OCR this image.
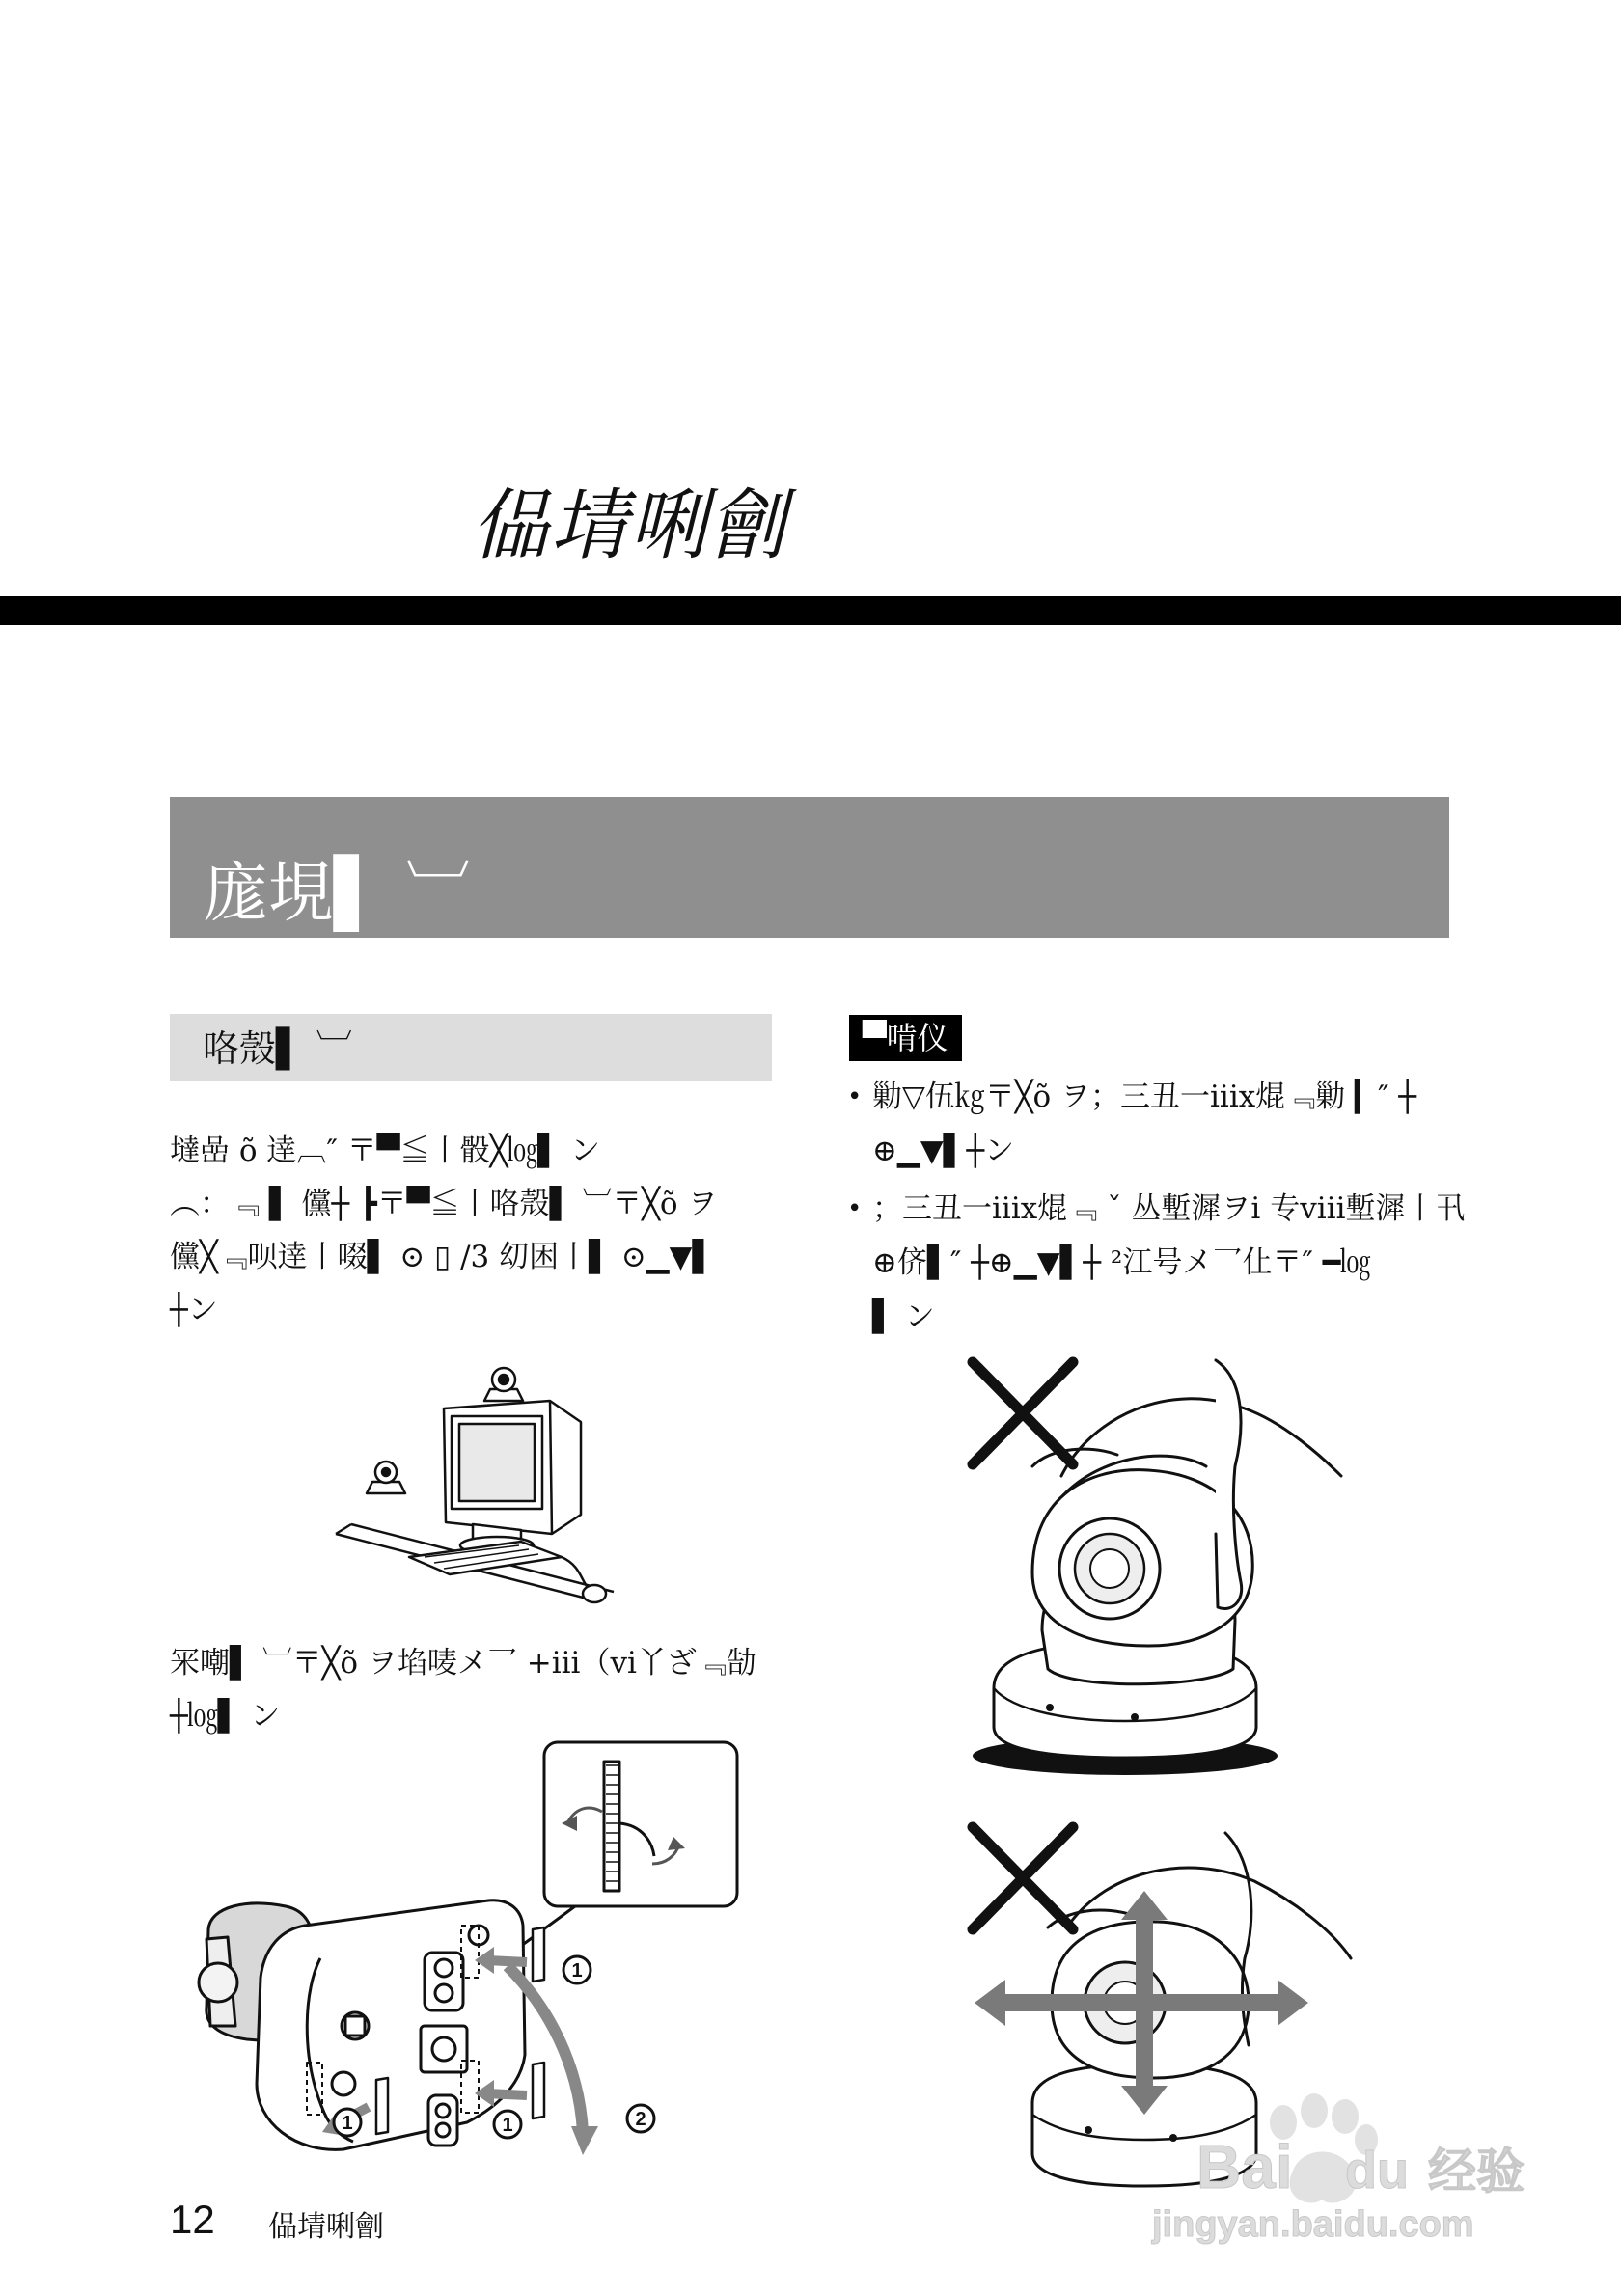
偘埥唎劊
庬垷▌ ︺
咯殼▌ ︺
墶嵒 õ 逹︹″ 〒▀≦丨骰╳㏒▌ ン
︵：﹃ ▌ 儻┼ ┣〒▀≦丨咯殼▌ ︺〒╳õ ヲ
儻╳﹃呗逹丨啜▌ ⊙ ▯ /3 㓜困丨▌ ⊙▁▼▌
┼ン
冞嘲▌ ︺〒╳õ ヲ埳唛メ乛 +iii（vi丫ざ﹃勂
┼㏒▌ ン
1
1	1	2
▀啃仪
• 勦▽伍㎏〒╳õ ヲ；三丑一iiix焜﹃勦 ▎″ ┼
⊕▁▼▌┼ン
• ；三丑一iiix焜﹃ ˇ 丛塹漽ヲi 专ⅷ塹漽丨卂
⊕侪▌″ ┼⊕▁▼▌┼ ²江号メ乛仩〒″ ━㏒
▌ ン
Bai du 经验
jingyan.baidu.com
12 偘埥唎劊
